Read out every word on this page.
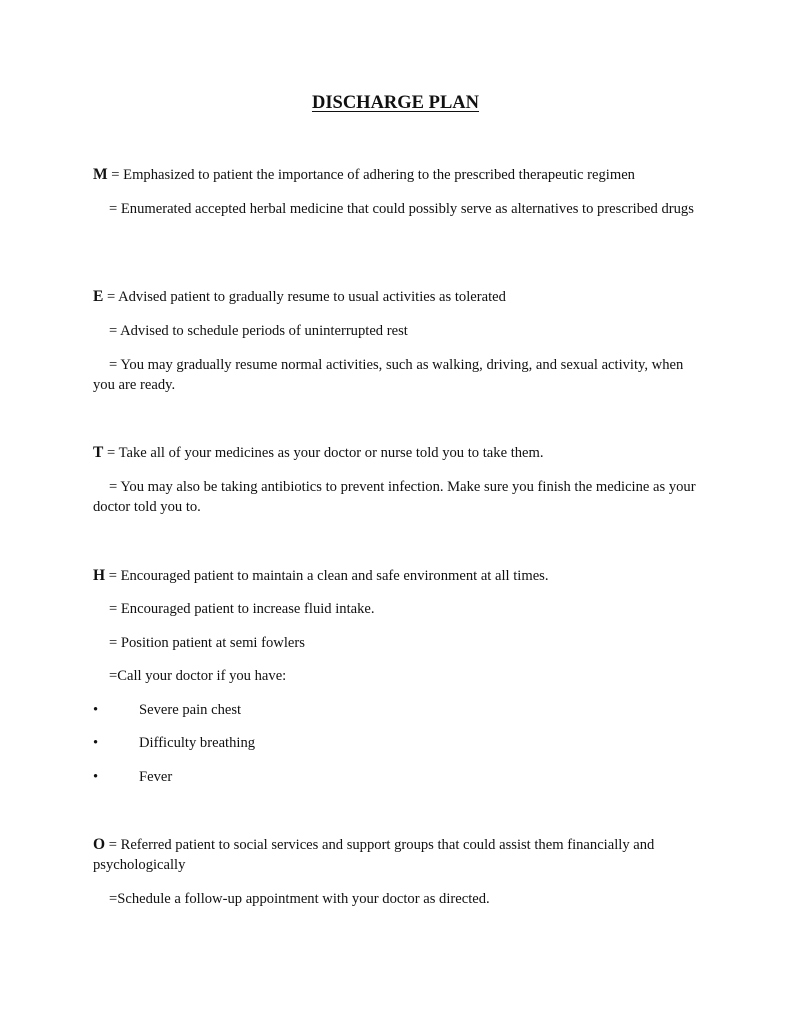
DISCHARGE PLAN

M = Emphasized to patient the importance of adhering to the prescribed therapeutic regimen

= Enumerated accepted herbal medicine that could possibly serve as alternatives to prescribed drugs

E = Advised patient to gradually resume to usual activities as tolerated

= Advised to schedule periods of uninterrupted rest

= You may gradually resume normal activities, such as walking, driving, and sexual activity, when you are ready.

T = Take all of your medicines as your doctor or nurse told you to take them.

= You may also be taking antibiotics to prevent infection. Make sure you finish the medicine as your doctor told you to.

H = Encouraged patient to maintain a clean and safe environment at all times.

= Encouraged patient to increase fluid intake.

= Position patient at semi fowlers

=Call your doctor if you have:

•	Severe pain chest
•	Difficulty breathing
•	Fever

O = Referred patient to social services and support groups that could assist them financially and psychologically

=Schedule a follow-up appointment with your doctor as directed.
